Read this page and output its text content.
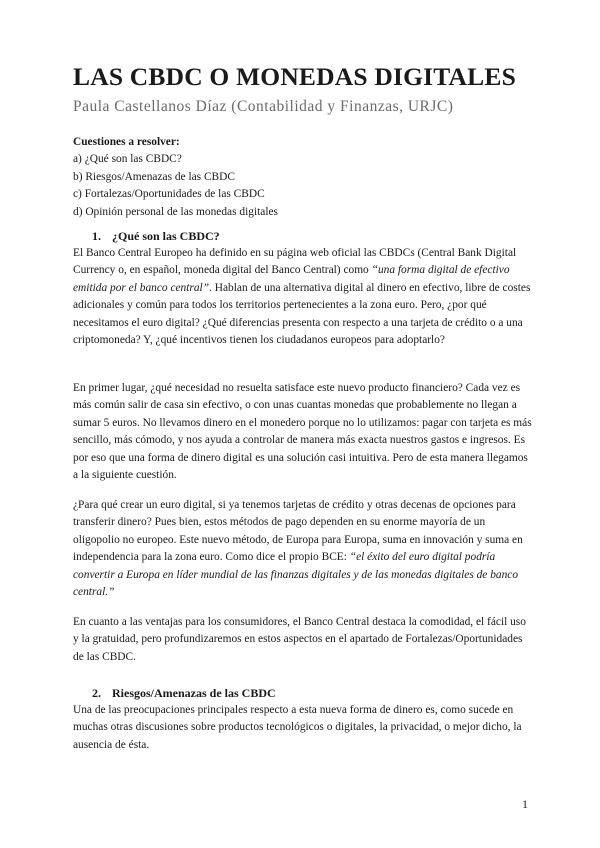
LAS CBDC O MONEDAS DIGITALES
Paula Castellanos Díaz (Contabilidad y Finanzas, URJC)
Cuestiones a resolver:
a) ¿Qué son las CBDC?
b) Riesgos/Amenazas de las CBDC
c) Fortalezas/Oportunidades de las CBDC
d) Opinión personal de las monedas digitales
1. ¿Qué son las CBDC?

El Banco Central Europeo ha definido en su página web oficial las CBDCs (Central Bank Digital Currency o, en español, moneda digital del Banco Central) como “una forma digital de efectivo emitida por el banco central”. Hablan de una alternativa digital al dinero en efectivo, libre de costes adicionales y común para todos los territorios pertenecientes a la zona euro. Pero, ¿por qué necesitamos el euro digital? ¿Qué diferencias presenta con respecto a una tarjeta de crédito o a una criptomoneda? Y, ¿qué incentivos tienen los ciudadanos europeos para adoptarlo?

En primer lugar, ¿qué necesidad no resuelta satisface este nuevo producto financiero? Cada vez es más común salir de casa sin efectivo, o con unas cuantas monedas que probablemente no llegan a sumar 5 euros. No llevamos dinero en el monedero porque no lo utilizamos: pagar con tarjeta es más sencillo, más cómodo, y nos ayuda a controlar de manera más exacta nuestros gastos e ingresos. Es por eso que una forma de dinero digital es una solución casi intuitiva. Pero de esta manera llegamos a la siguiente cuestión.

¿Para qué crear un euro digital, si ya tenemos tarjetas de crédito y otras decenas de opciones para transferir dinero? Pues bien, estos métodos de pago dependen en su enorme mayoría de un oligopolio no europeo. Este nuevo método, de Europa para Europa, suma en innovación y suma en independencia para la zona euro. Como dice el propio BCE: “el éxito del euro digital podría convertir a Europa en líder mundial de las finanzas digitales y de las monedas digitales de banco central.”

En cuanto a las ventajas para los consumidores, el Banco Central destaca la comodidad, el fácil uso y la gratuidad, pero profundizaremos en estos aspectos en el apartado de Fortalezas/Oportunidades de las CBDC.

2. Riesgos/Amenazas de las CBDC

Una de las preocupaciones principales respecto a esta nueva forma de dinero es, como sucede en muchas otras discusiones sobre productos tecnológicos o digitales, la privacidad, o mejor dicho, la ausencia de ésta.

1
